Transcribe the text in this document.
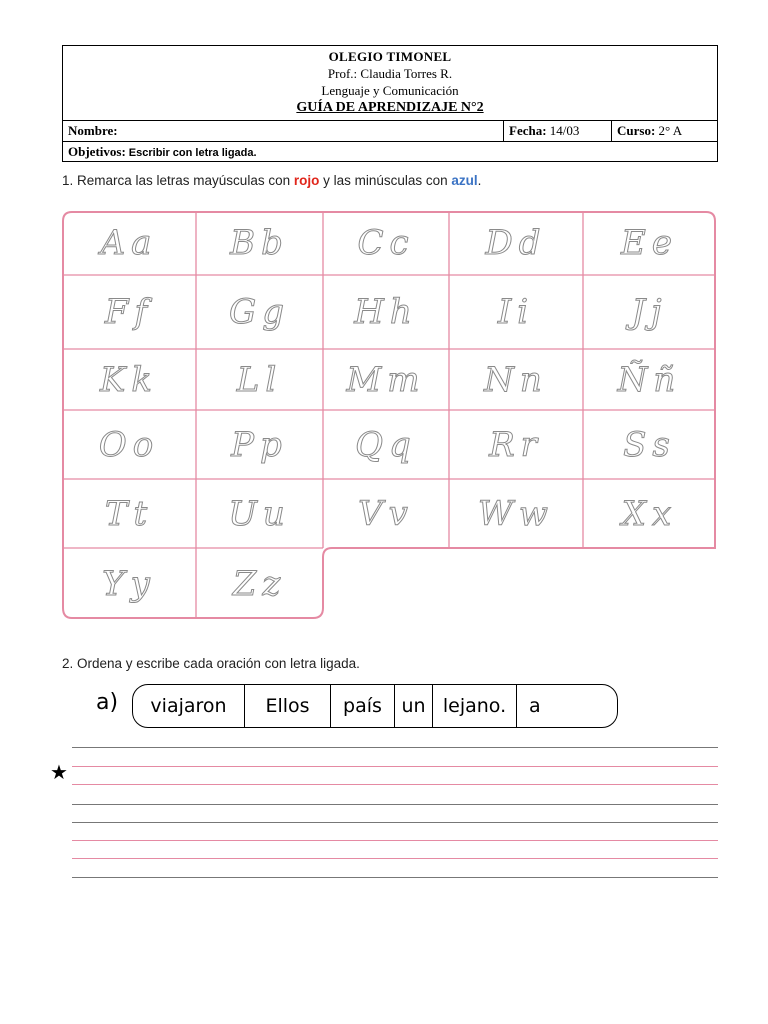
OLEGIO TIMONEL
Prof.: Claudia Torres R.
Lenguaje y Comunicación
GUÍA DE APRENDIZAJE N°2
Nombre:	Fecha: 14/03	Curso: 2° A
Objetivos: Escribir con letra ligada.
1. Remarca las letras mayúsculas con rojo y las minúsculas con azul.
Aa	Bb	Cc	Dd	Ee
Ff	Gg	Hh	Ii	Jj
Kk	Ll	Mm	Nn	Ññ
Oo	Pp	Qq	Rr	Ss
Tt	Uu	Vv	Ww	Xx
Yy	Zz
2. Ordena y escribe cada oración con letra ligada.
a)	viajaron	Ellos	país	un lejano.	a
★
